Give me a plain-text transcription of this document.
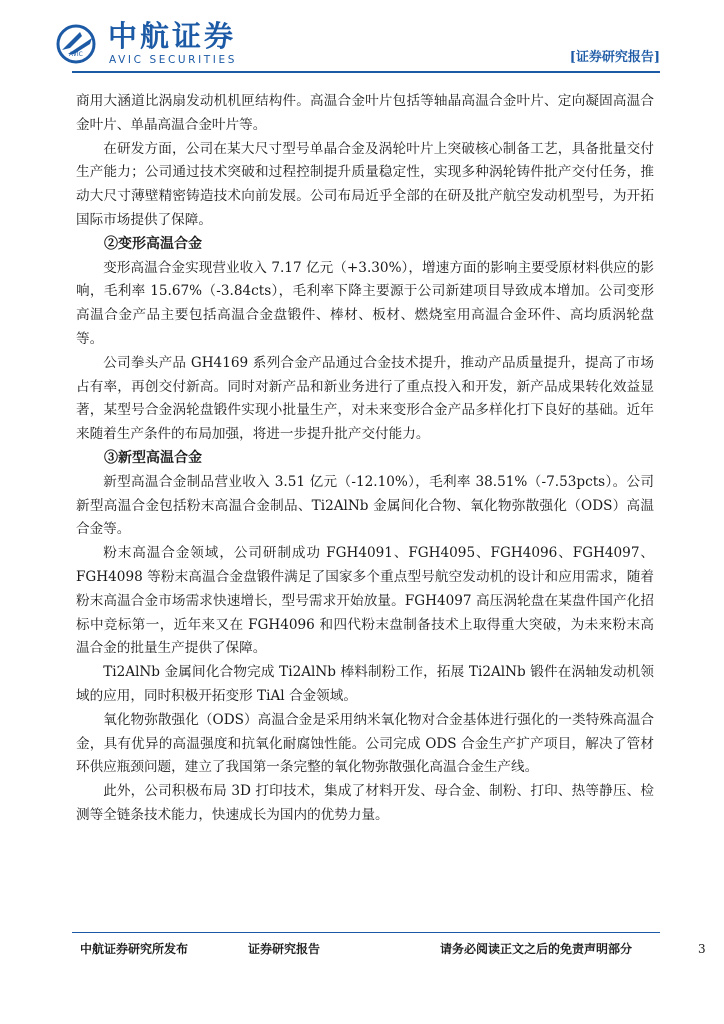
AVIC
中航证券
AVIC SECURITIES	[证券研究报告]

商用大涵道比涡扇发动机机匣结构件。高温合金叶片包括等轴晶高温合金叶片、定向凝固高温合金叶片、单晶高温合金叶片等。

在研发方面，公司在某大尺寸型号单晶合金及涡轮叶片上突破核心制备工艺，具备批量交付生产能力；公司通过技术突破和过程控制提升质量稳定性，实现多种涡轮铸件批产交付任务，推动大尺寸薄壁精密铸造技术向前发展。公司布局近乎全部的在研及批产航空发动机型号，为开拓国际市场提供了保障。

②变形高温合金

变形高温合金实现营业收入 7.17 亿元（+3.30%），增速方面的影响主要受原材料供应的影响，毛利率 15.67%（-3.84cts），毛利率下降主要源于公司新建项目导致成本增加。公司变形高温合金产品主要包括高温合金盘锻件、棒材、板材、燃烧室用高温合金环件、高均质涡轮盘等。

公司拳头产品 GH4169 系列合金产品通过合金技术提升，推动产品质量提升，提高了市场占有率，再创交付新高。同时对新产品和新业务进行了重点投入和开发，新产品成果转化效益显著，某型号合金涡轮盘锻件实现小批量生产，对未来变形合金产品多样化打下良好的基础。近年来随着生产条件的布局加强，将进一步提升批产交付能力。

③新型高温合金

新型高温合金制品营业收入 3.51 亿元（-12.10%），毛利率 38.51%（-7.53pcts）。公司新型高温合金包括粉末高温合金制品、Ti2AlNb 金属间化合物、氧化物弥散强化（ODS）高温合金等。

粉末高温合金领域，公司研制成功 FGH4091、FGH4095、FGH4096、FGH4097、FGH4098 等粉末高温合金盘锻件满足了国家多个重点型号航空发动机的设计和应用需求，随着粉末高温合金市场需求快速增长，型号需求开始放量。FGH4097 高压涡轮盘在某盘件国产化招标中竞标第一，近年来又在 FGH4096 和四代粉末盘制备技术上取得重大突破，为未来粉末高温合金的批量生产提供了保障。

Ti2AlNb 金属间化合物完成 Ti2AlNb 棒料制粉工作，拓展 Ti2AlNb 锻件在涡轴发动机领域的应用，同时积极开拓变形 TiAl 合金领域。

氧化物弥散强化（ODS）高温合金是采用纳米氧化物对合金基体进行强化的一类特殊高温合金，具有优异的高温强度和抗氧化耐腐蚀性能。公司完成 ODS 合金生产扩产项目，解决了管材环供应瓶颈问题，建立了我国第一条完整的氧化物弥散强化高温合金生产线。

此外，公司积极布局 3D 打印技术，集成了材料开发、母合金、制粉、打印、热等静压、检测等全链条技术能力，快速成长为国内的优势力量。

中航证券研究所发布	证券研究报告	请务必阅读正文之后的免责声明部分	3
